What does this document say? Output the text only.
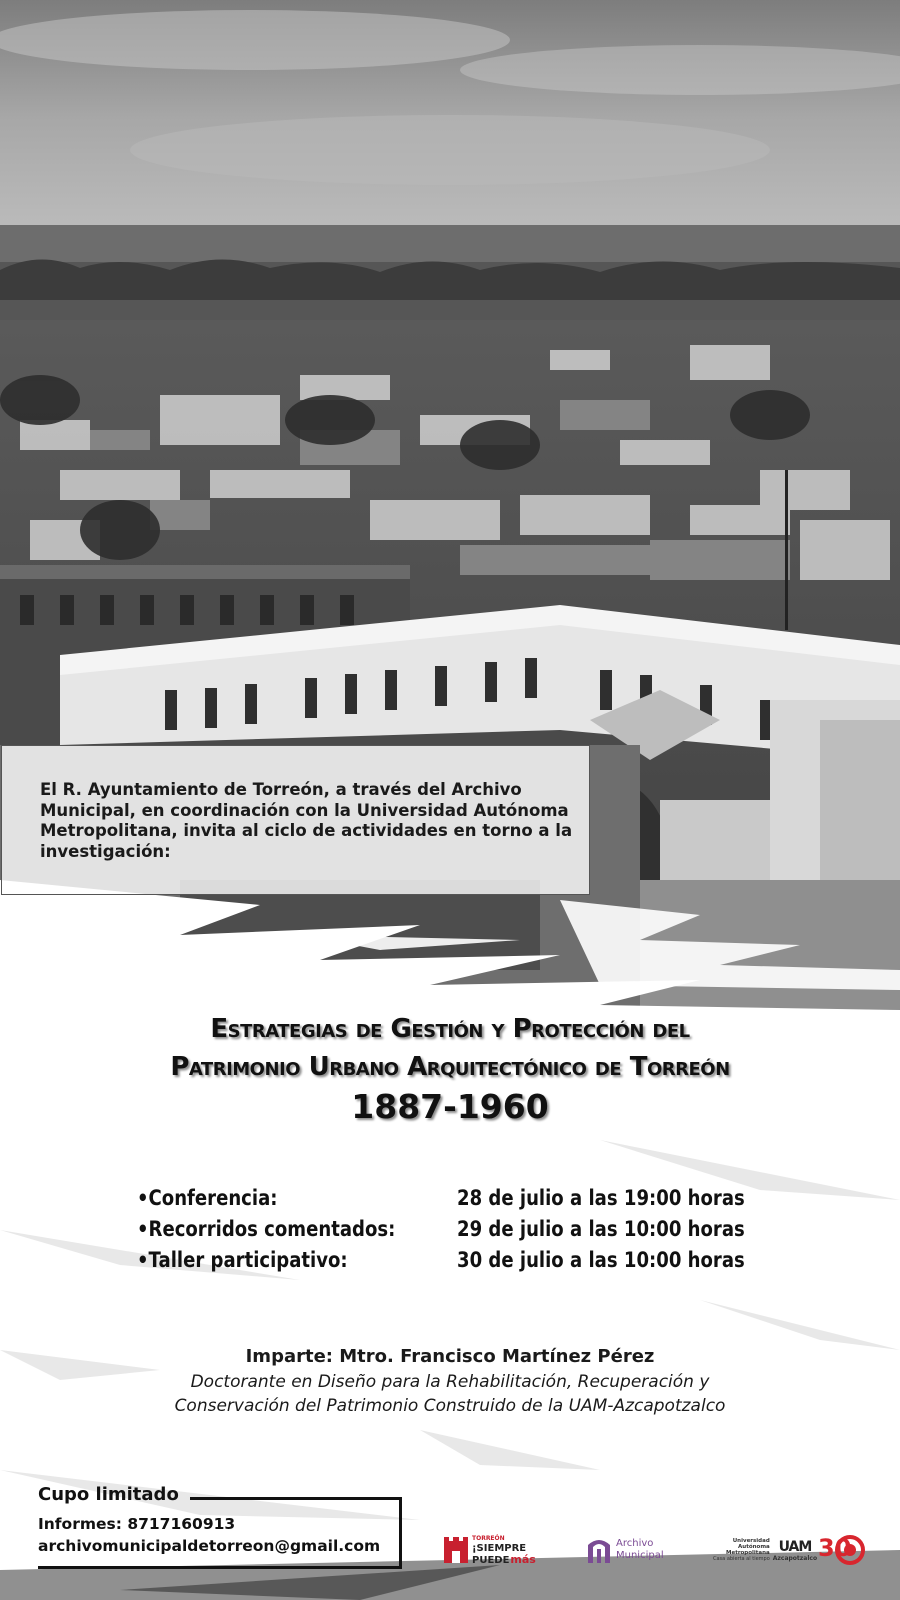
El R. Ayuntamiento de Torreón, a través del Archivo Municipal, en coordinación con la Universidad Autónoma Metropolitana, invita al ciclo de actividades en torno a la investigación:
Estrategias de Gestión y Protección del
Patrimonio Urbano Arquitectónico de Torreón
1887-1960
•Conferencia:	28 de julio a las 19:00 horas
•Recorridos comentados:	29 de julio a las 10:00 horas
•Taller participativo:	30 de julio a las 10:00 horas
Imparte: Mtro. Francisco Martínez Pérez
Doctorante en Diseño para la Rehabilitación, Recuperación y
Conservación del Patrimonio Construido de la UAM-Azcapotzalco
Cupo limitado
Informes: 8717160913
archivomunicipaldetorreon@gmail.com	TORREÓN
¡SIEMPRE
PUEDE más
Archivo
Municipal
Universidad
Autónoma
Metropolitana
Casa abierta al tiempo
UAM
Azcapotzalco 30
